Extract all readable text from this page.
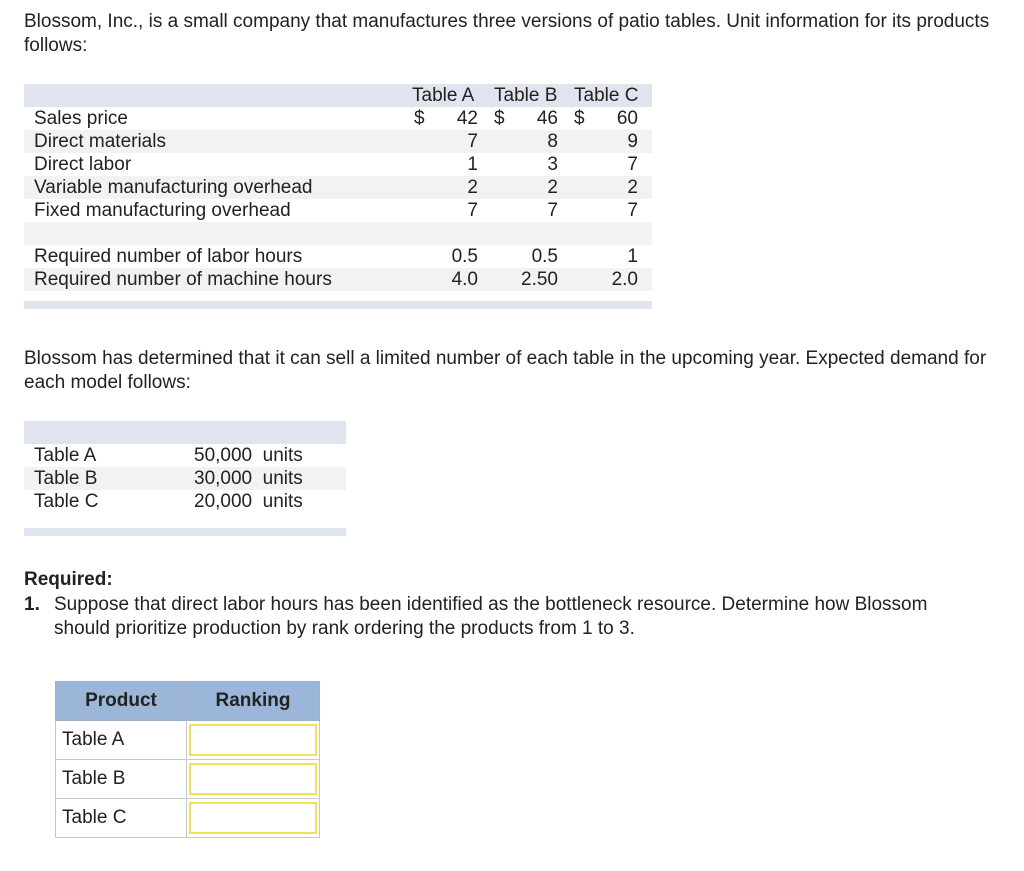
Blossom, Inc., is a small company that manufactures three versions of patio tables. Unit information for its products follows:

Table A Table B Table C
Sales price	$ 42 $ 46 $ 60
Direct materials	7	8	9
Direct labor	1	3	7
Variable manufacturing overhead	2	2	2
Fixed manufacturing overhead	7	7	7
Required number of labor hours	0.5	0.5	1
Required number of machine hours	4.0 2.50	2.0

Blossom has determined that it can sell a limited number of each table in the upcoming year. Expected demand for each model follows:

Table A	50,000  units
Table B	30,000  units
Table C	20,000  units
Required:
1. Suppose that direct labor hours has been identified as the bottleneck resource. Determine how Blossom should prioritize production by rank ordering the products from 1 to 3.
Product	Ranking
Table A	

Table B	

Table C	
